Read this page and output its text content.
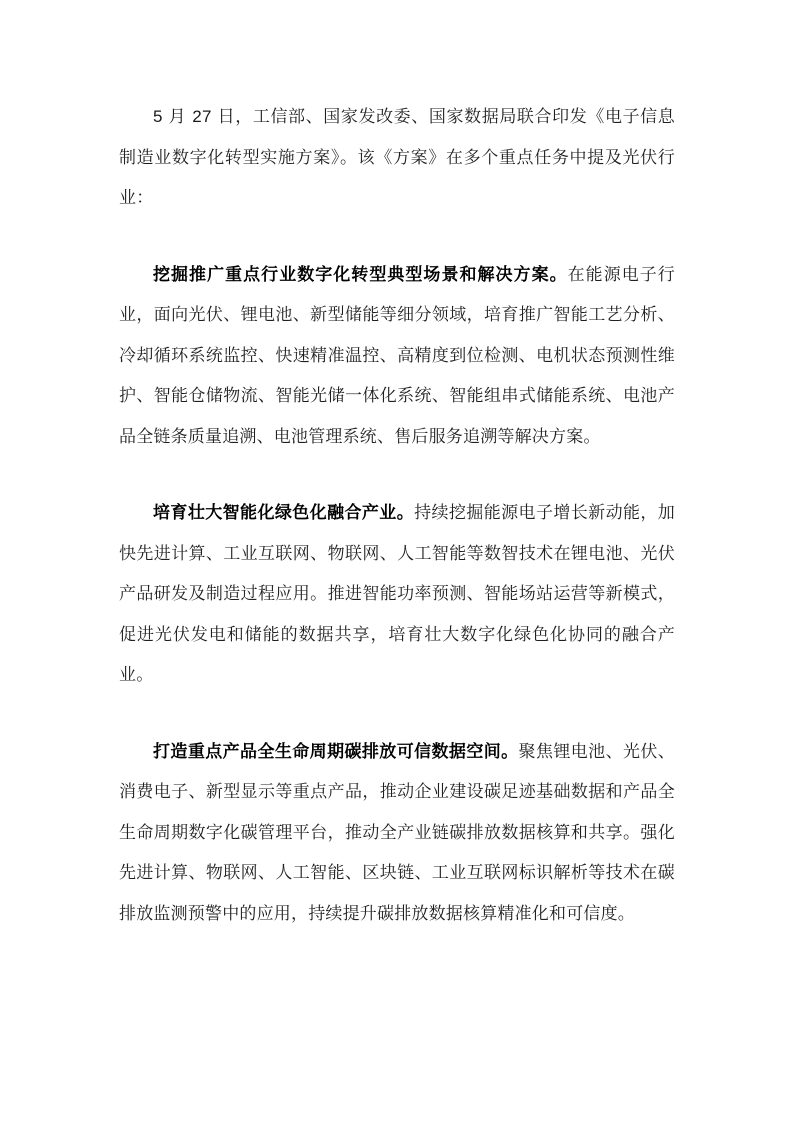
5 月 27 日，工信部、国家发改委、国家数据局联合印发《电子信息制造业数字化转型实施方案》。该《方案》在多个重点任务中提及光伏行业：

挖掘推广重点行业数字化转型典型场景和解决方案。在能源电子行业，面向光伏、锂电池、新型储能等细分领域，培育推广智能工艺分析、冷却循环系统监控、快速精准温控、高精度到位检测、电机状态预测性维护、智能仓储物流、智能光储一体化系统、智能组串式储能系统、电池产品全链条质量追溯、电池管理系统、售后服务追溯等解决方案。

培育壮大智能化绿色化融合产业。持续挖掘能源电子增长新动能，加快先进计算、工业互联网、物联网、人工智能等数智技术在锂电池、光伏产品研发及制造过程应用。推进智能功率预测、智能场站运营等新模式，促进光伏发电和储能的数据共享，培育壮大数字化绿色化协同的融合产业。

打造重点产品全生命周期碳排放可信数据空间。聚焦锂电池、光伏、消费电子、新型显示等重点产品，推动企业建设碳足迹基础数据和产品全生命周期数字化碳管理平台，推动全产业链碳排放数据核算和共享。强化先进计算、物联网、人工智能、区块链、工业互联网标识解析等技术在碳排放监测预警中的应用，持续提升碳排放数据核算精准化和可信度。
